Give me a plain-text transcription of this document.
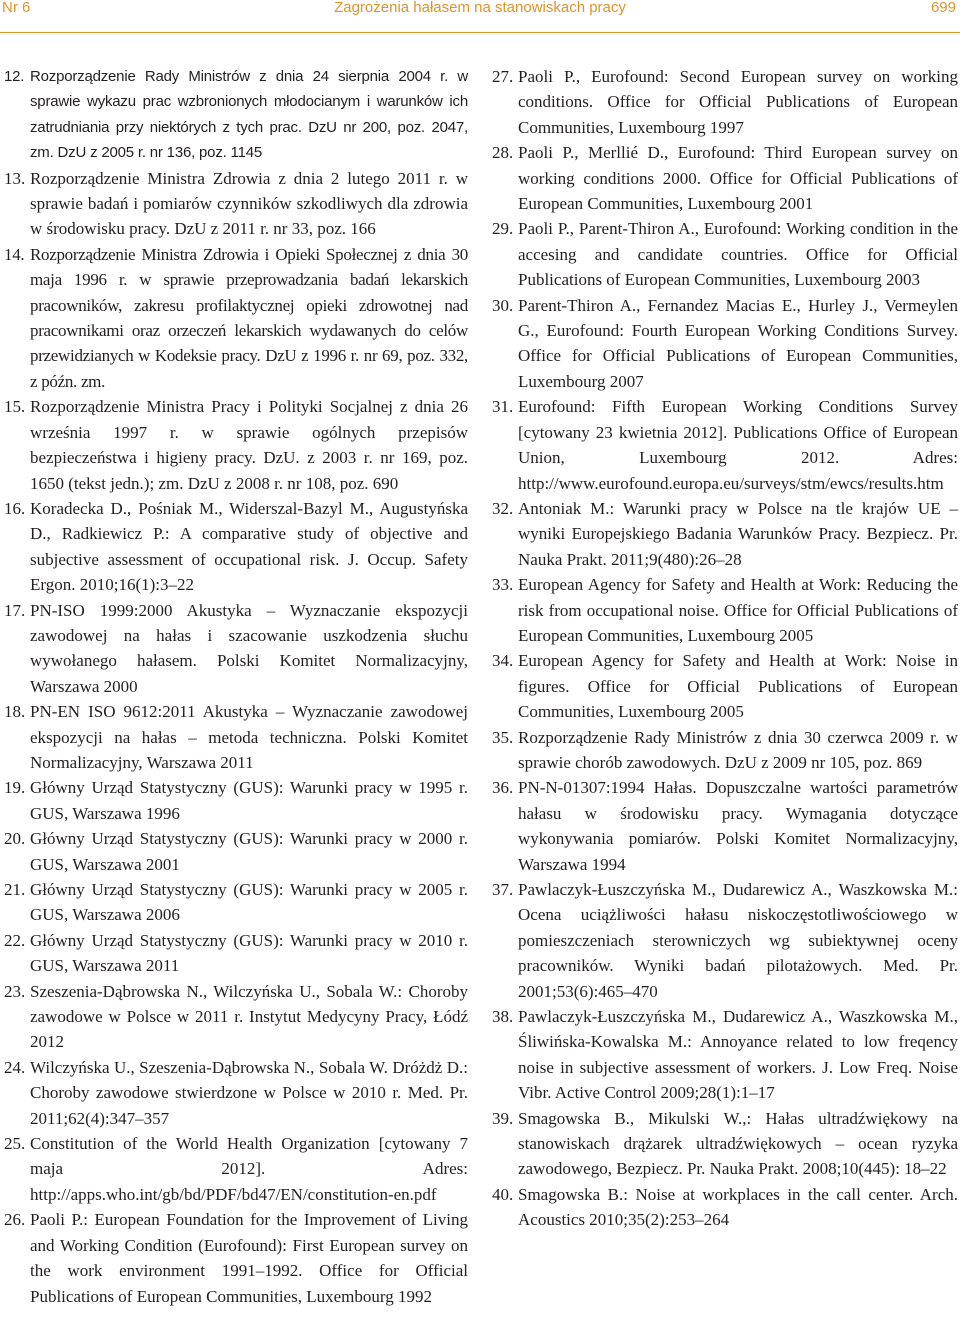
Zagrożenia hałasem na stanowiskach pracy
Nr 6	699
12. Rozporządzenie Rady Ministrów z dnia 24 sierpnia 2004 r. w sprawie wykazu prac wzbronionych młodocianym i warunków ich zatrudniania przy niektórych z tych prac. DzU nr 200, poz. 2047, zm. DzU z 2005 r. nr 136, poz. 1145
13. Rozporządzenie Ministra Zdrowia z dnia 2 lutego 2011 r. w sprawie badań i pomiarów czynników szkodliwych dla zdrowia w środowisku pracy. DzU z 2011 r. nr 33, poz. 166
14. Rozporządzenie Ministra Zdrowia i Opieki Społecznej z dnia 30 maja 1996 r. w sprawie przeprowadzania badań lekarskich pracowników, zakresu profilaktycznej opieki zdrowotnej nad pracownikami oraz orzeczeń lekarskich wydawanych do celów przewidzianych w Kodeksie pracy. DzU z 1996 r. nr 69, poz. 332, z późn. zm.
15. Rozporządzenie Ministra Pracy i Polityki Socjalnej z dnia 26 września 1997 r. w sprawie ogólnych przepisów bezpieczeństwa i higieny pracy. DzU. z 2003 r. nr 169, poz. 1650 (tekst jedn.); zm. DzU z 2008 r. nr 108, poz. 690
16. Koradecka D., Pośniak M., Widerszal-Bazyl M., Augustyńska D., Radkiewicz P.: A comparative study of objective and subjective assessment of occupational risk. J. Occup. Safety Ergon. 2010;16(1):3–22
17. PN-ISO 1999:2000 Akustyka – Wyznaczanie ekspozycji zawodowej na hałas i szacowanie uszkodzenia słuchu wywołanego hałasem. Polski Komitet Normalizacyjny, Warszawa 2000
18. PN-EN ISO 9612:2011 Akustyka – Wyznaczanie zawodowej ekspozycji na hałas – metoda techniczna. Polski Komitet Normalizacyjny, Warszawa 2011
19. Główny Urząd Statystyczny (GUS): Warunki pracy w 1995 r. GUS, Warszawa 1996
20. Główny Urząd Statystyczny (GUS): Warunki pracy w 2000 r. GUS, Warszawa 2001
21. Główny Urząd Statystyczny (GUS): Warunki pracy w 2005 r. GUS, Warszawa 2006
22. Główny Urząd Statystyczny (GUS): Warunki pracy w 2010 r. GUS, Warszawa 2011
23. Szeszenia-Dąbrowska N., Wilczyńska U., Sobala W.: Choroby zawodowe w Polsce w 2011 r. Instytut Medycyny Pracy, Łódź 2012
24. Wilczyńska U., Szeszenia-Dąbrowska N., Sobala W. Dróżdż D.: Choroby zawodowe stwierdzone w Polsce w 2010 r. Med. Pr. 2011;62(4):347–357
25. Constitution of the World Health Organization [cytowany 7 maja 2012]. Adres: http://apps.who.int/gb/bd/PDF/bd47/EN/constitution-en.pdf
26. Paoli P.: European Foundation for the Improvement of Living and Working Condition (Eurofound): First European survey on the work environment 1991–1992. Office for Official Publications of European Communities, Luxembourg 1992
27. Paoli P., Eurofound: Second European survey on working conditions. Office for Official Publications of European Communities, Luxembourg 1997
28. Paoli P., Merllié D., Eurofound: Third European survey on working conditions 2000. Office for Official Publications of European Communities, Luxembourg 2001
29. Paoli P., Parent-Thiron A., Eurofound: Working condition in the accesing and candidate countries. Office for Official Publications of European Communities, Luxembourg 2003
30. Parent-Thiron A., Fernandez Macias E., Hurley J., Vermeylen G., Eurofound: Fourth European Working Conditions Survey. Office for Official Publications of European Communities, Luxembourg 2007
31. Eurofound: Fifth European Working Conditions Survey [cytowany 23 kwietnia 2012]. Publications Office of European Union, Luxembourg 2012. Adres: http://www.eurofound.europa.eu/surveys/stm/ewcs/results.htm
32. Antoniak M.: Warunki pracy w Polsce na tle krajów UE – wyniki Europejskiego Badania Warunków Pracy. Bezpiecz. Pr. Nauka Prakt. 2011;9(480):26–28
33. European Agency for Safety and Health at Work: Reducing the risk from occupational noise. Office for Official Publications of European Communities, Luxembourg 2005
34. European Agency for Safety and Health at Work: Noise in figures. Office for Official Publications of European Communities, Luxembourg 2005
35. Rozporządzenie Rady Ministrów z dnia 30 czerwca 2009 r. w sprawie chorób zawodowych. DzU z 2009 nr 105, poz. 869
36. PN-N-01307:1994 Hałas. Dopuszczalne wartości parametrów hałasu w środowisku pracy. Wymagania dotyczące wykonywania pomiarów. Polski Komitet Normalizacyjny, Warszawa 1994
37. Pawlaczyk-Łuszczyńska M., Dudarewicz A., Waszkowska M.: Ocena uciążliwości hałasu niskoczęstotliwościowego w pomieszczeniach sterowniczych wg subiektywnej oceny pracowników. Wyniki badań pilotażowych. Med. Pr. 2001;53(6):465–470
38. Pawlaczyk-Łuszczyńska M., Dudarewicz A., Waszkowska M., Śliwińska-Kowalska M.: Annoyance related to low freqency noise in subjective assessment of workers. J. Low Freq. Noise Vibr. Active Control 2009;28(1):1–17
39. Smagowska B., Mikulski W.,: Hałas ultradźwiękowy na stanowiskach drążarek ultradźwiękowych – ocean ryzyka zawodowego, Bezpiecz. Pr. Nauka Prakt. 2008;10(445): 18–22
40. Smagowska B.: Noise at workplaces in the call center. Arch. Acoustics 2010;35(2):253–264
